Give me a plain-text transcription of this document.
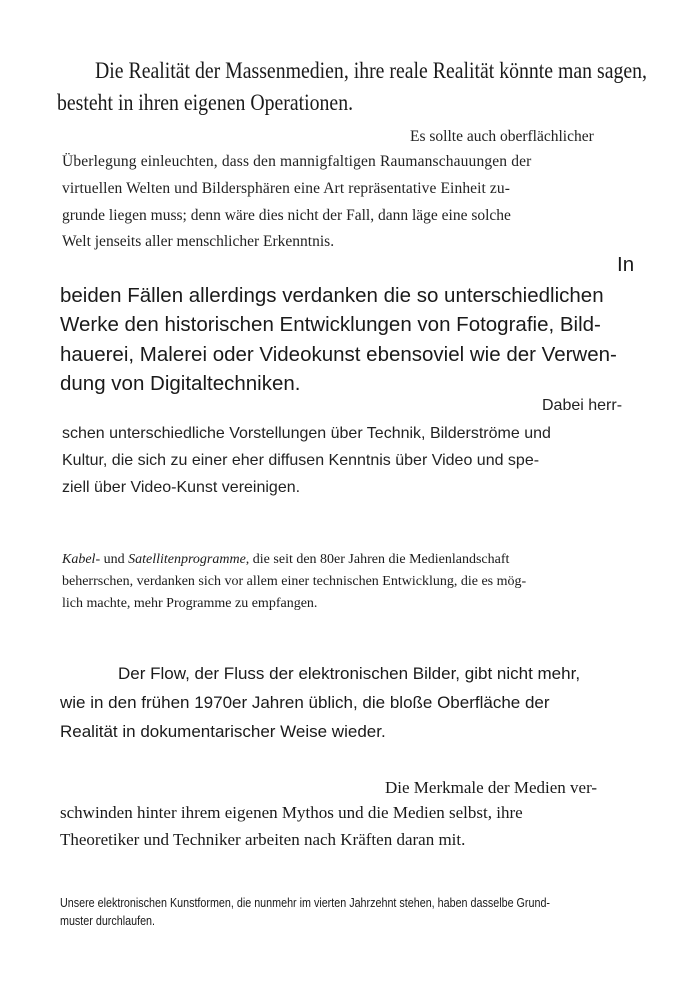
Die Realität der Massenmedien, ihre reale Realität könnte man sagen,
besteht in ihren eigenen Operationen.
Es sollte auch oberflächlicher
Überlegung einleuchten, dass den mannigfaltigen Raumanschauungen der
virtuellen Welten und Bildersphären eine Art repräsentative Einheit zu-
grunde liegen muss; denn wäre dies nicht der Fall, dann läge eine solche
Welt jenseits aller menschlicher Erkenntnis.
In
beiden Fällen allerdings verdanken die so unterschiedlichen
Werke den historischen Entwicklungen von Fotografie, Bild-
hauerei, Malerei oder Videokunst ebensoviel wie der Verwen-
dung von Digitaltechniken.
Dabei herr-
schen unterschiedliche Vorstellungen über Technik, Bilderströme und
Kultur, die sich zu einer eher diffusen Kenntnis über Video und spe-
ziell über Video-Kunst vereinigen.
Kabel- und Satellitenprogramme, die seit den 80er Jahren die Medienlandschaft
beherrschen, verdanken sich vor allem einer technischen Entwicklung, die es mög-
lich machte, mehr Programme zu empfangen.
Der Flow, der Fluss der elektronischen Bilder, gibt nicht mehr,
wie in den frühen 1970er Jahren üblich, die bloße Oberfläche der
Realität in dokumentarischer Weise wieder.
Die Merkmale der Medien ver-
schwinden hinter ihrem eigenen Mythos und die Medien selbst, ihre
Theoretiker und Techniker arbeiten nach Kräften daran mit.
Unsere elektronischen Kunstformen, die nunmehr im vierten Jahrzehnt stehen, haben dasselbe Grund-
muster durchlaufen.
